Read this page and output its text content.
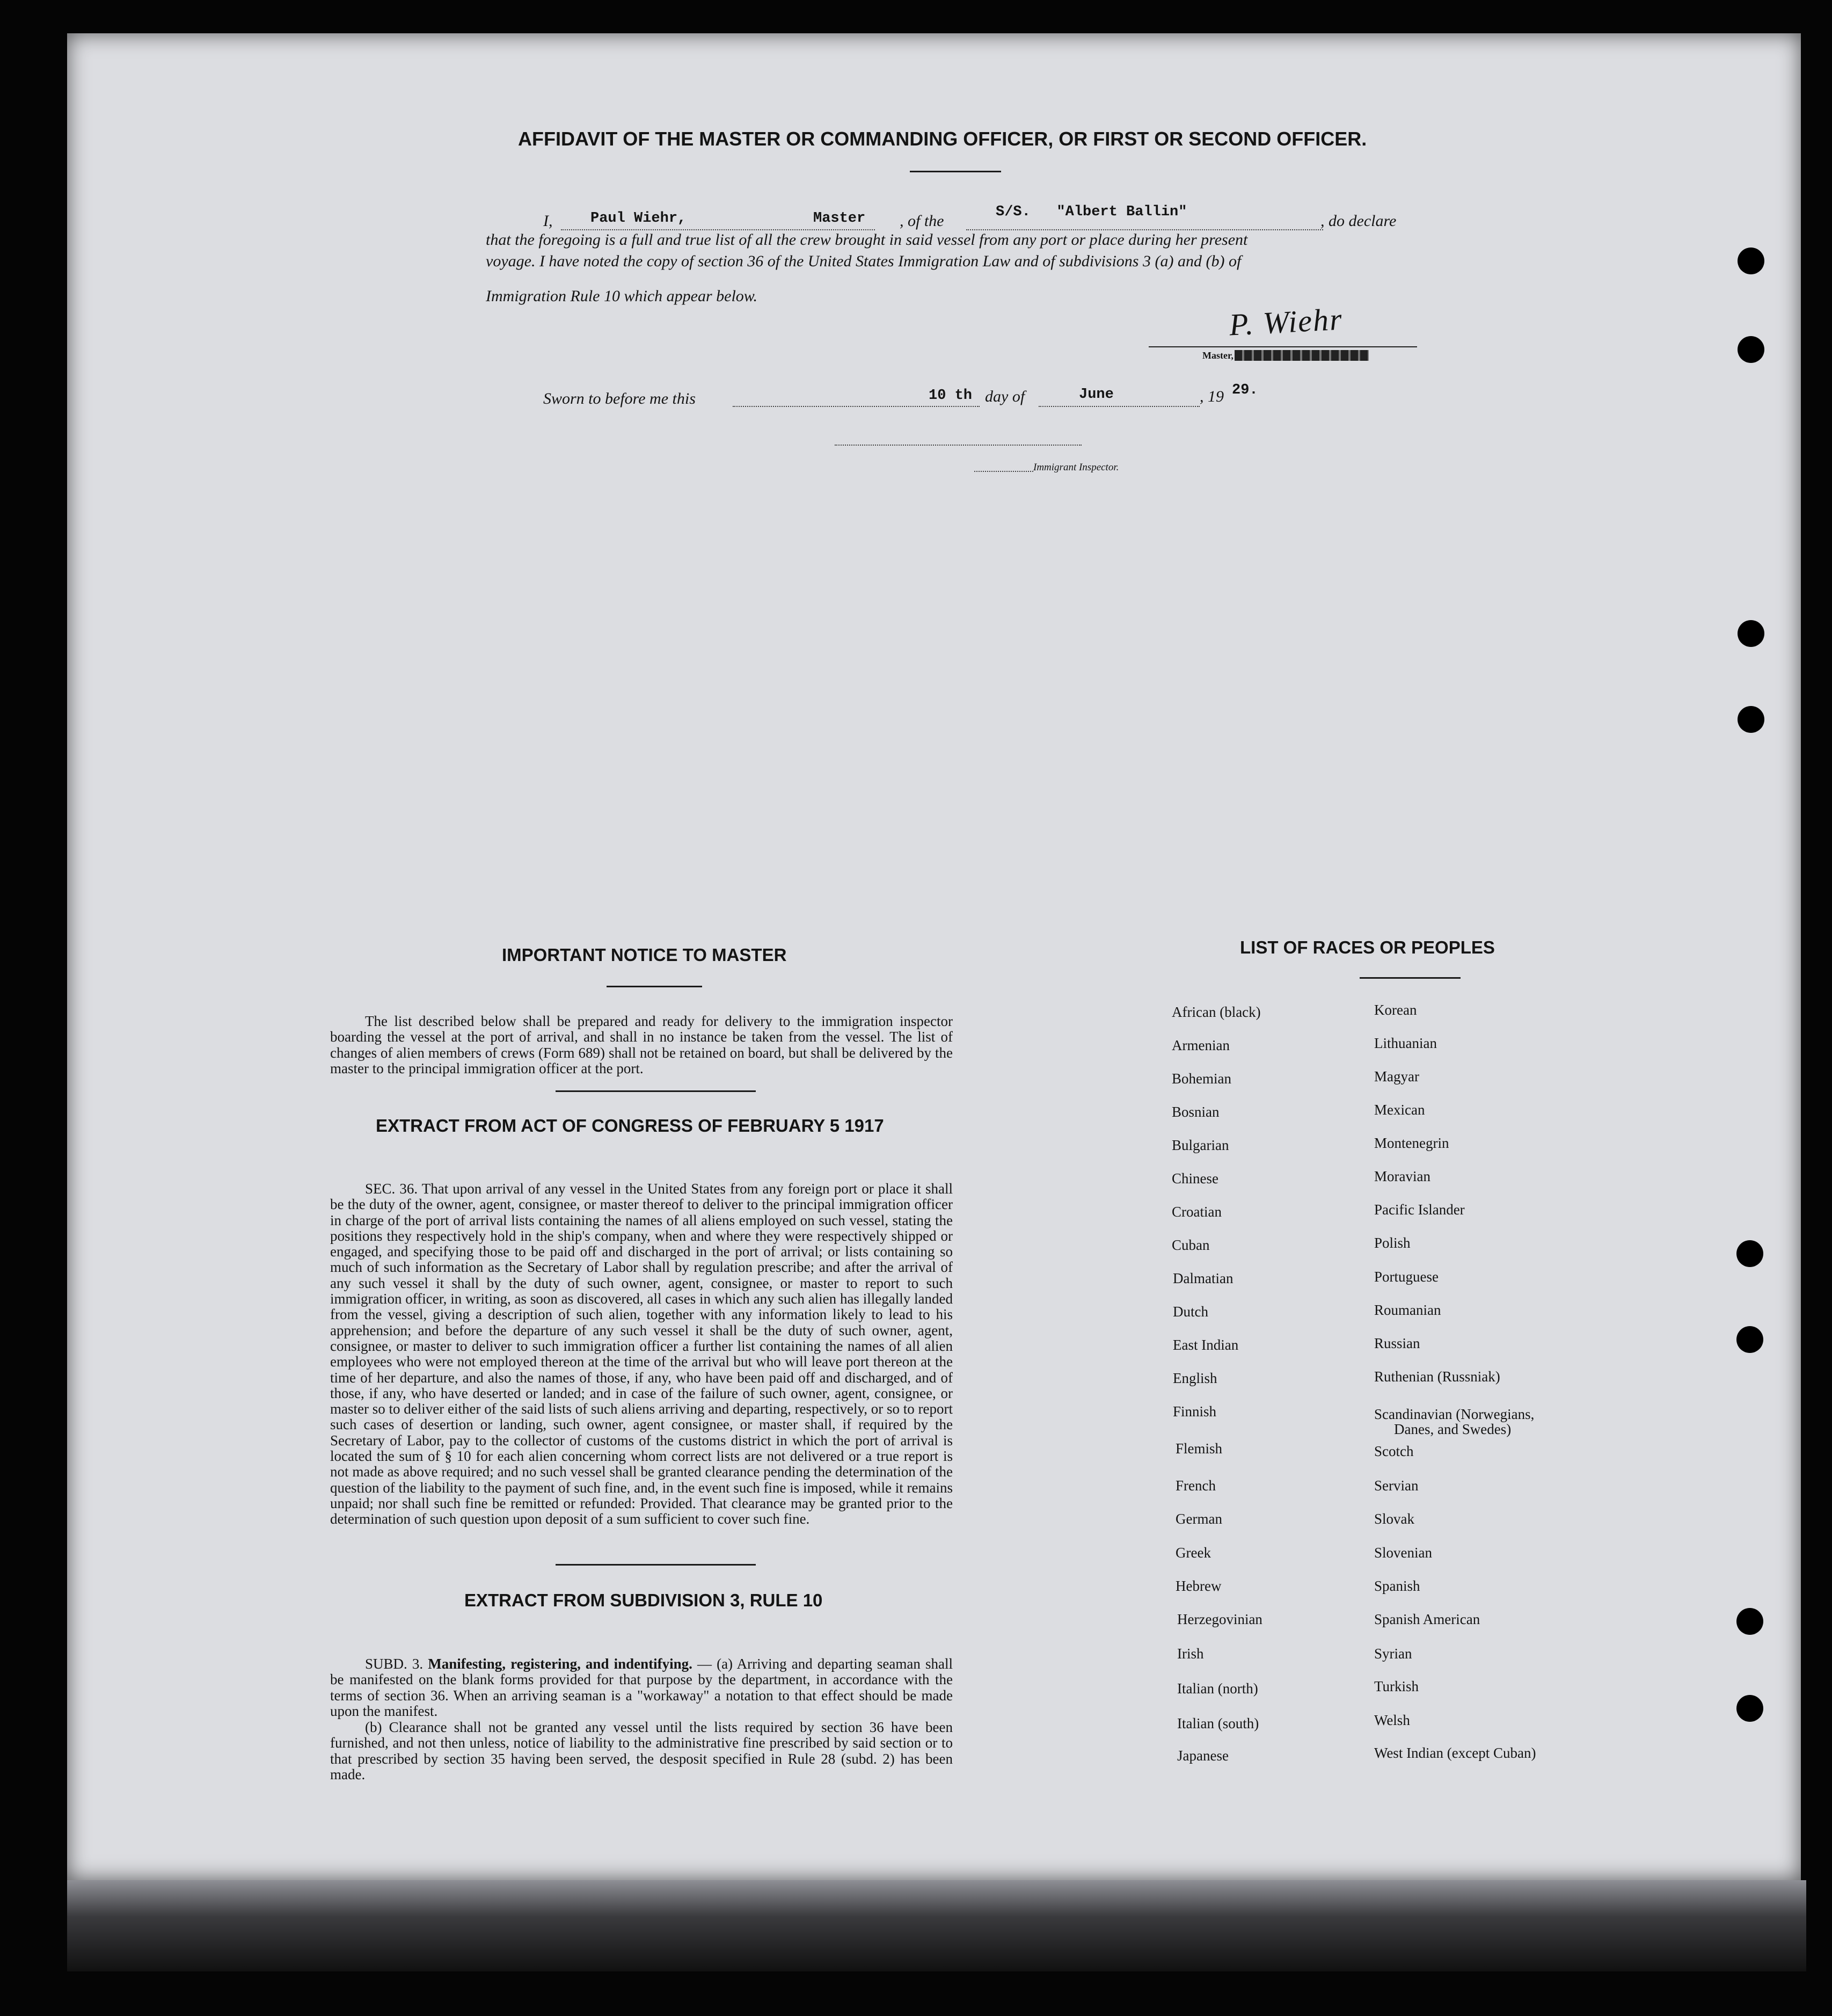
AFFIDAVIT OF THE MASTER OR COMMANDING OFFICER, OR FIRST OR SECOND OFFICER.
I,	Paul Wiehr,	Master , of the	S/S.   "Albert Ballin"	, do declare
that the foregoing is a full and true list of all the crew brought in said vessel from any port or place during her present
voyage. I have noted the copy of section 36 of the United States Immigration Law and of subdivisions 3 (a) and (b) of
Immigration Rule 10 which appear below.
P. Wiehr
Master,
Sworn to before me this	10 th day of	June	, 19 29.
Immigrant Inspector.
IMPORTANT NOTICE TO MASTER
The list described below shall be prepared and ready for delivery to the immigration inspector boarding the vessel at the port of arrival, and shall in no instance be taken from the vessel. The list of changes of alien members of crews (Form 689) shall not be retained on board, but shall be delivered by the master to the principal immigration officer at the port.
EXTRACT FROM ACT OF CONGRESS OF FEBRUARY 5 1917
SEC. 36. That upon arrival of any vessel in the United States from any foreign port or place it shall be the duty of the owner, agent, consignee, or master thereof to deliver to the principal immigration officer in charge of the port of arrival lists containing the names of all aliens employed on such vessel, stating the positions they respectively hold in the ship's company, when and where they were respectively shipped or engaged, and specifying those to be paid off and discharged in the port of arrival; or lists containing so much of such information as the Secretary of Labor shall by regulation prescribe; and after the arrival of any such vessel it shall by the duty of such owner, agent, consignee, or master to report to such immigration officer, in writing, as soon as discovered, all cases in which any such alien has illegally landed from the vessel, giving a description of such alien, together with any information likely to lead to his apprehension; and before the departure of any such vessel it shall be the duty of such owner, agent, consignee, or master to deliver to such immigration officer a further list containing the names of all alien employees who were not employed thereon at the time of the arrival but who will leave port thereon at the time of her departure, and also the names of those, if any, who have been paid off and discharged, and of those, if any, who have deserted or landed; and in case of the failure of such owner, agent, consignee, or master so to deliver either of the said lists of such aliens arriving and departing, respectively, or so to report such cases of desertion or landing, such owner, agent consignee, or master shall, if required by the Secretary of Labor, pay to the collector of customs of the customs district in which the port of arrival is located the sum of § 10 for each alien concerning whom correct lists are not delivered or a true report is not made as above required; and no such vessel shall be granted clearance pending the determination of the question of the liability to the payment of such fine, and, in the event such fine is imposed, while it remains unpaid; nor shall such fine be remitted or refunded: Provided. That clearance may be granted prior to the determination of such question upon deposit of a sum sufficient to cover such fine.
EXTRACT FROM SUBDIVISION 3, RULE 10
SUBD. 3. Manifesting, registering, and indentifying. — (a) Arriving and departing seaman shall be manifested on the blank forms provided for that purpose by the department, in accordance with the terms of section 36. When an arriving seaman is a "workaway" a notation to that effect should be made upon the manifest.
(b) Clearance shall not be granted any vessel until the lists required by section 36 have been furnished, and not then unless, notice of liability to the administrative fine prescribed by said section or to that prescribed by section 35 having been served, the desposit specified in Rule 28 (subd. 2) has been made.
LIST OF RACES OR PEOPLES
Danes, and Swedes)
African (black)
Armenian
Bohemian
Bosnian
Bulgarian
Chinese
Croatian
Cuban
Dalmatian
Dutch
East Indian
English
Finnish
Flemish
French
German
Greek
Hebrew
Herzegovinian
Irish
Italian (north)
Italian (south)
Japanese
Korean
Lithuanian
Magyar
Mexican
Montenegrin
Moravian
Pacific Islander
Polish
Portuguese
Roumanian
Russian
Ruthenian (Russniak)
Scandinavian (Norwegians,
Scotch
Servian
Slovak
Slovenian
Spanish
Spanish American
Syrian
Turkish
Welsh
West Indian (except Cuban)
